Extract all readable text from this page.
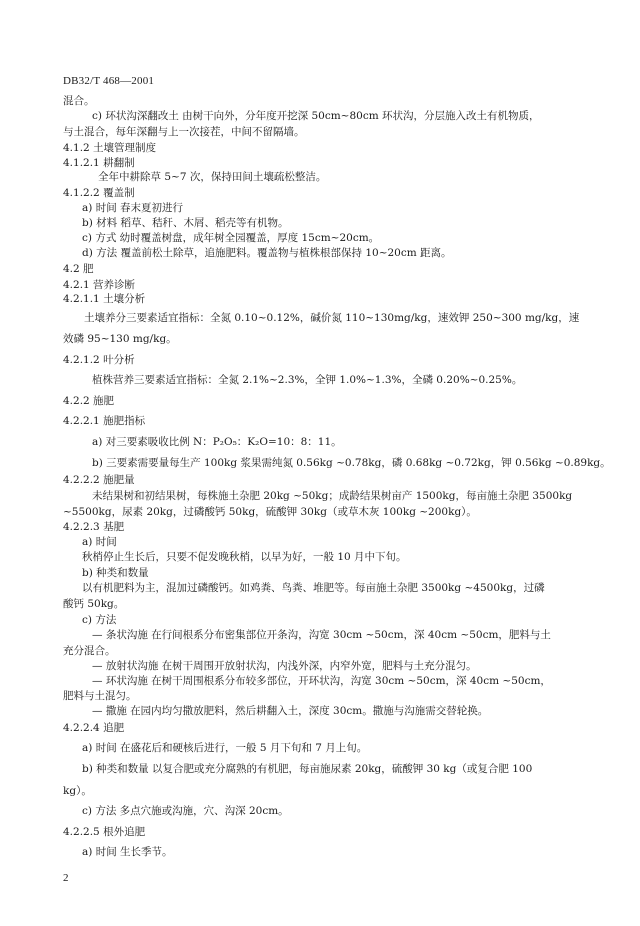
DB32/T 468—2001
混合。
c) 环状沟深翻改土 由树干向外，分年度开挖深 50cm~80cm 环状沟，分层施入改土有机物质，
与土混合，每年深翻与上一次接茬，中间不留隔墙。
4.1.2 土壤管理制度
4.1.2.1 耕翻制
全年中耕除草 5~7 次，保持田间土壤疏松整洁。
4.1.2.2 覆盖制
a) 时间 春末夏初进行
b) 材料 稻草、秸秆、木屑、稻壳等有机物。
c) 方式 幼时覆盖树盘，成年树全园覆盖，厚度 15cm~20cm。
d) 方法 覆盖前松土除草，追施肥料。覆盖物与植株根部保持 10~20cm 距离。
4.2 肥
4.2.1 营养诊断
4.2.1.1 土壤分析
土壤养分三要素适宜指标：全氮 0.10~0.12%，碱价氮 110~130mg/kg，速效钾 250~300 mg/kg，速
效磷 95~130 mg/kg。
4.2.1.2 叶分析
植株营养三要素适宜指标：全氮 2.1%~2.3%，全钾 1.0%~1.3%，全磷 0.20%~0.25%。
4.2.2 施肥
4.2.2.1 施肥指标
a) 对三要素吸收比例 N：P₂O₅：K₂O=10：8：11。
b) 三要素需要量每生产 100kg 浆果需纯氮 0.56kg ~0.78kg，磷 0.68kg ~0.72kg，钾 0.56kg ~0.89kg。
4.2.2.2 施肥量
未结果树和初结果树，每株施土杂肥 20kg ~50kg；成龄结果树亩产 1500kg，每亩施土杂肥 3500kg
~5500kg，尿素 20kg，过磷酸钙 50kg，硫酸钾 30kg（或草木灰 100kg ~200kg）。
4.2.2.3 基肥
a) 时间
秋梢停止生长后，只要不促发晚秋梢，以早为好，一般 10 月中下旬。
b) 种类和数量
以有机肥料为主，混加过磷酸钙。如鸡粪、鸟粪、堆肥等。每亩施土杂肥 3500kg ~4500kg，过磷
酸钙 50kg。
c) 方法
— 条状沟施 在行间根系分布密集部位开条沟，沟宽 30cm ~50cm，深 40cm ~50cm，肥料与土
充分混合。
— 放射状沟施 在树干周围开放射状沟，内浅外深，内窄外宽，肥料与土充分混匀。
— 环状沟施 在树干周围根系分布较多部位，开环状沟，沟宽 30cm ~50cm，深 40cm ~50cm，
肥料与土混匀。
— 撒施 在园内均匀撒放肥料，然后耕翻入土，深度 30cm。撒施与沟施需交替轮换。
4.2.2.4 追肥
a) 时间 在盛花后和硬核后进行，一般 5 月下旬和 7 月上旬。
b) 种类和数量 以复合肥或充分腐熟的有机肥，每亩施尿素 20kg，硫酸钾 30 kg（或复合肥 100
kg）。
c) 方法 多点穴施或沟施，穴、沟深 20cm。
4.2.2.5 根外追肥
a) 时间 生长季节。
2
